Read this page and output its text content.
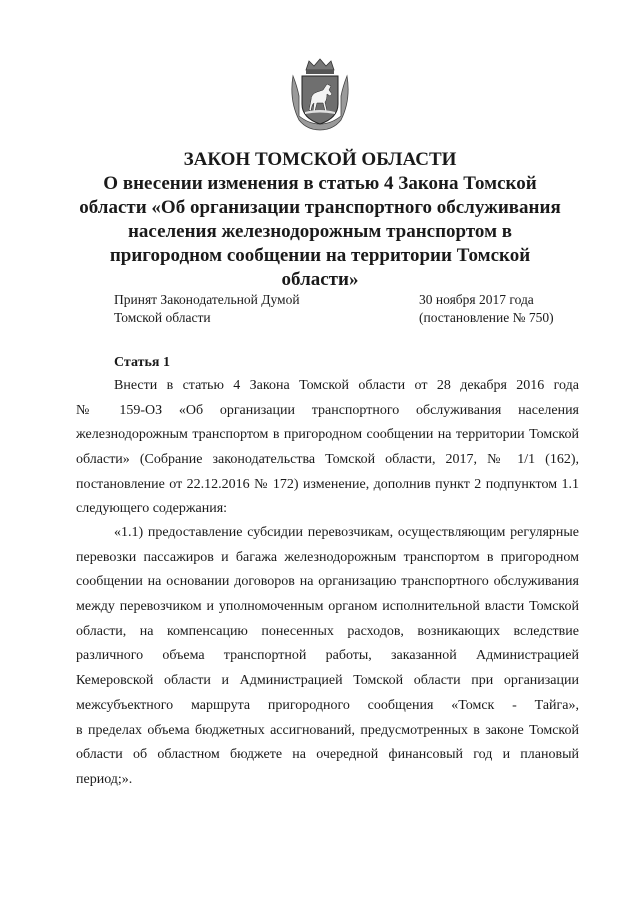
ЗАКОН ТОМСКОЙ ОБЛАСТИ
О внесении изменения в статью 4 Закона Томской
области «Об организации транспортного обслуживания
населения железнодорожным транспортом в
пригородном сообщении на территории Томской
области»
Принят Законодательной Думой
Томской области
30 ноября 2017 года
(постановление № 750)
Статья 1
Внести в статью 4 Закона Томской области от 28 декабря 2016 года
№ 159-ОЗ «Об организации транспортного обслуживания населения
железнодорожным транспортом в пригородном сообщении на территории Томской
области» (Собрание законодательства Томской области, 2017, № 1/1 (162),
постановление от 22.12.2016 № 172) изменение, дополнив пункт 2 подпунктом 1.1
следующего содержания:
«1.1) предоставление субсидии перевозчикам, осуществляющим регулярные
перевозки пассажиров и багажа железнодорожным транспортом в пригородном
сообщении на основании договоров на организацию транспортного обслуживания
между перевозчиком и уполномоченным органом исполнительной власти Томской
области, на компенсацию понесенных расходов, возникающих вследствие
различного объема транспортной работы, заказанной Администрацией
Кемеровской области и Администрацией Томской области при организации
межсубъектного маршрута пригородного сообщения «Томск - Тайга»,
в пределах объема бюджетных ассигнований, предусмотренных в законе Томской
области об областном бюджете на очередной финансовый год и плановый
период;».
